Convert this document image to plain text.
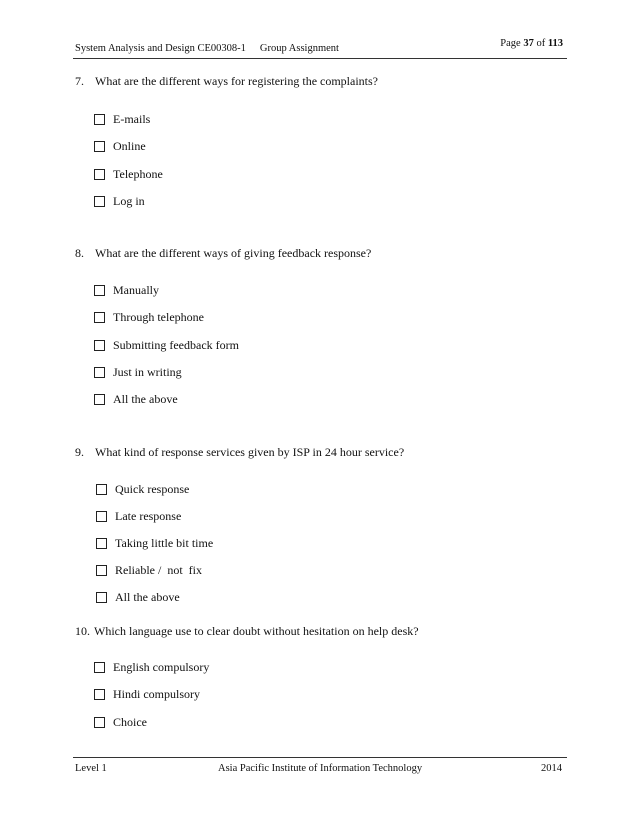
System Analysis and Design CE00308-1 Group Assignment	Page 37 of 113
7. What are the different ways for registering the complaints?
E-mails
Online
Telephone
Log in
8. What are the different ways of giving feedback response?
Manually
Through telephone
Submitting feedback form
Just in writing
All the above
9. What kind of response services given by ISP in 24 hour service?
Quick response
Late response
Taking little bit time
Reliable /  not  fix
All the above
10. Which language use to clear doubt without hesitation on help desk?
English compulsory
Hindi compulsory
Choice
Level 1	Asia Pacific Institute of Information Technology	2014
